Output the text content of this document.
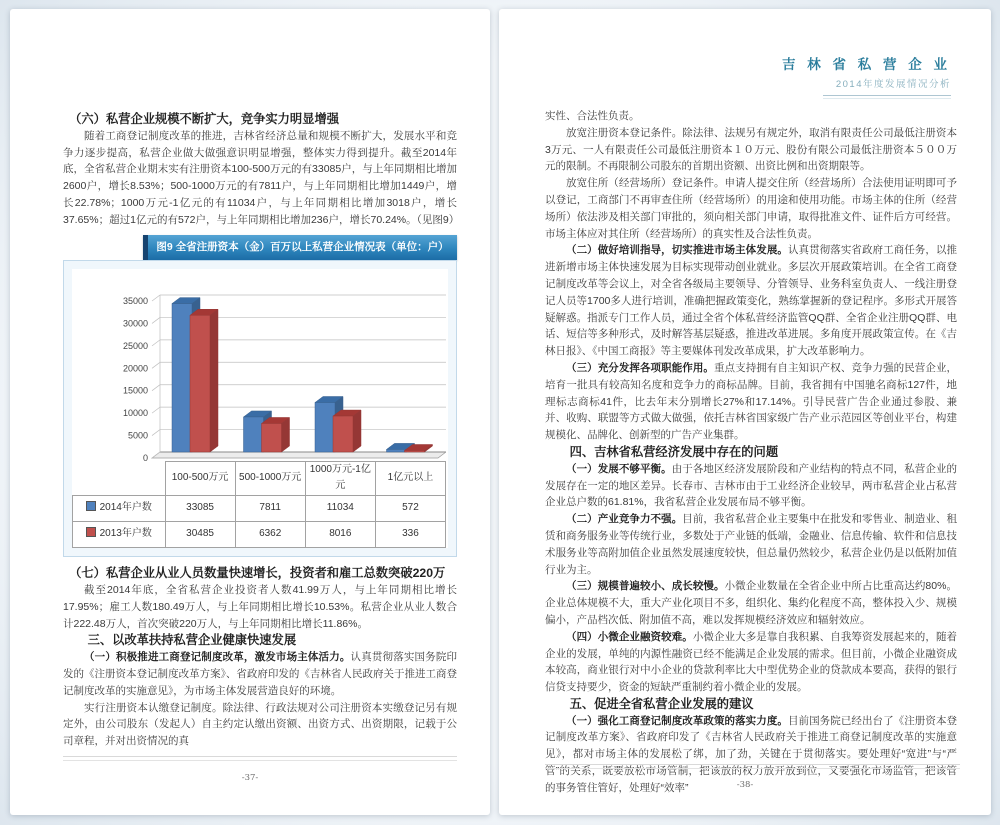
（六）私营企业规模不断扩大，竞争实力明显增强

随着工商登记制度改革的推进，吉林省经济总量和规模不断扩大，发展水平和竞争力逐步提高，私营企业做大做强意识明显增强，整体实力得到提升。截至2014年底，全省私营企业期末实有注册资本100-500万元的有33085户，与上年同期相比增加2600户，增长8.53%；500-1000万元的有7811户，与上年同期相比增加1449户，增长22.78%；1000万元-1亿元的有11034户，与上年同期相比增加3018户，增长37.65%；超过1亿元的有572户，与上年同期相比增加236户，增长70.24%。（见图9）

图9 全省注册资本（金）百万以上私营企业情况表（单位：户）
0
5000
10000
15000
20000
25000
30000
35000
	100-500万元	500-1000万元	1000万元-1亿元	1亿元以上
2014年户数	33085	7811	11034	572
2013年户数	30485	6362	8016	336
（七）私营企业从业人员数量快速增长，投资者和雇工总数突破220万

截至2014年底，全省私营企业投资者人数41.99万人，与上年同期相比增长17.95%；雇工人数180.49万人，与上年同期相比增长10.53%。私营企业从业人数合计222.48万人，首次突破220万人，与上年同期相比增长11.86%。

三、以改革扶持私营企业健康快速发展

（一）积极推进工商登记制度改革，激发市场主体活力。认真贯彻落实国务院印发的《注册资本登记制度改革方案》、省政府印发的《吉林省人民政府关于推进工商登记制度改革的实施意见》，为市场主体发展营造良好的环境。

实行注册资本认缴登记制度。除法律、行政法规对公司注册资本实缴登记另有规定外，由公司股东（发起人）自主约定认缴出资额、出资方式、出资期限，记载于公司章程，并对出资情况的真

-37-
吉 林 省 私 营 企 业
2014年度发展情况分析

实性、合法性负责。

放宽注册资本登记条件。除法律、法规另有规定外，取消有限责任公司最低注册资本3万元、一人有限责任公司最低注册资本１０万元、股份有限公司最低注册资本５００万元的限制。不再限制公司股东的首期出资额、出资比例和出资期限等。

放宽住所（经营场所）登记条件。申请人提交住所（经营场所）合法使用证明即可予以登记，工商部门不再审查住所（经营场所）的用途和使用功能。市场主体的住所（经营场所）依法涉及相关部门审批的，须向相关部门申请，取得批准文件、证件后方可经营。市场主体应对其住所（经营场所）的真实性及合法性负责。

（二）做好培训指导，切实推进市场主体发展。认真贯彻落实省政府工商任务，以推进新增市场主体快速发展为目标实现带动创业就业。多层次开展政策培训。在全省工商登记制度改革等会议上，对全省各级局主要领导、分管领导、业务科室负责人、一线注册登记人员等1700多人进行培训，准确把握政策变化，熟练掌握新的登记程序。多形式开展答疑解惑。指派专门工作人员，通过全省个体私营经济监管QQ群、全省企业注册QQ群、电话、短信等多种形式，及时解答基层疑惑，推进改革进展。多角度开展政策宣传。在《吉林日报》、《中国工商报》等主要媒体刊发改革成果，扩大改革影响力。

（三）充分发挥各项职能作用。重点支持拥有自主知识产权、竞争力强的民营企业，培育一批具有较高知名度和竞争力的商标品牌。目前，我省拥有中国驰名商标127件，地理标志商标41件，比去年末分别增长27%和17.14%。引导民营广告企业通过参股、兼并、收购、联盟等方式做大做强，依托吉林省国家级广告产业示范园区等创业平台，构建规模化、品牌化、创新型的广告产业集群。

四、吉林省私营经济发展中存在的问题

（一）发展不够平衡。由于各地区经济发展阶段和产业结构的特点不同，私营企业的发展存在一定的地区差异。长春市、吉林市由于工业经济企业较早，两市私营企业占私营企业总户数的61.81%，我省私营企业发展布局不够平衡。

（二）产业竞争力不强。目前，我省私营企业主要集中在批发和零售业、制造业、租赁和商务服务业等传统行业，多数处于产业链的低端，金融业、信息传输、软件和信息技术服务业等高附加值企业虽然发展速度较快，但总量仍然较少，私营企业仍是以低附加值行业为主。

（三）规模普遍较小、成长较慢。小微企业数量在全省企业中所占比重高达约80%。企业总体规模不大，重大产业化项目不多，组织化、集约化程度不高，整体投入少、规模偏小，产品档次低、附加值不高，难以发挥规模经济效应和辐射效应。

（四）小微企业融资较难。小微企业大多是靠自我积累、自我筹资发展起来的，随着企业的发展，单纯的内源性融资已经不能满足企业发展的需求。但目前，小微企业融资成本较高，商业银行对中小企业的贷款利率比大中型优势企业的贷款成本要高，获得的银行信贷支持要少，资金的短缺严重制约着小微企业的发展。

五、促进全省私营企业发展的建议

（一）强化工商登记制度改革政策的落实力度。目前国务院已经出台了《注册资本登记制度改革方案》、省政府印发了《吉林省人民政府关于推进工商登记制度改革的实施意见》，都对市场主体的发展松了绑，加了劲，关键在于贯彻落实。要处理好“宽进”与“严管”的关系，既要放松市场管制，把该放的权力放开放到位，又要强化市场监管，把该管的事务管住管好，处理好“效率”	-38-
